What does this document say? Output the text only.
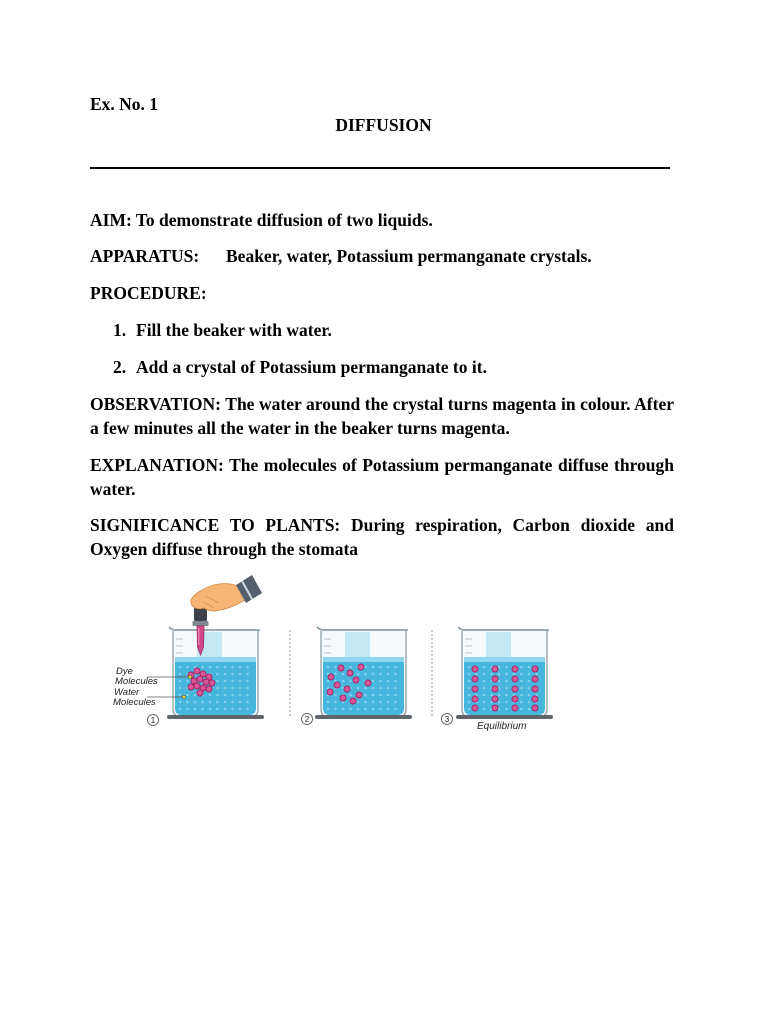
Ex. No. 1
DIFFUSION
AIM: To demonstrate diffusion of two liquids.
APPARATUS: Beaker, water, Potassium permanganate crystals.
PROCEDURE:
1. Fill the beaker with water.
2. Add a crystal of Potassium permanganate to it.
OBSERVATION: The water around the crystal turns magenta in colour. After a few minutes all the water in the beaker turns magenta.
EXPLANATION: The molecules of Potassium permanganate diffuse through water.
SIGNIFICANCE TO PLANTS: During respiration, Carbon dioxide and Oxygen diffuse through the stomata
Dye
Molecules
Water
Molecules
1	2	3
Equilibrium
